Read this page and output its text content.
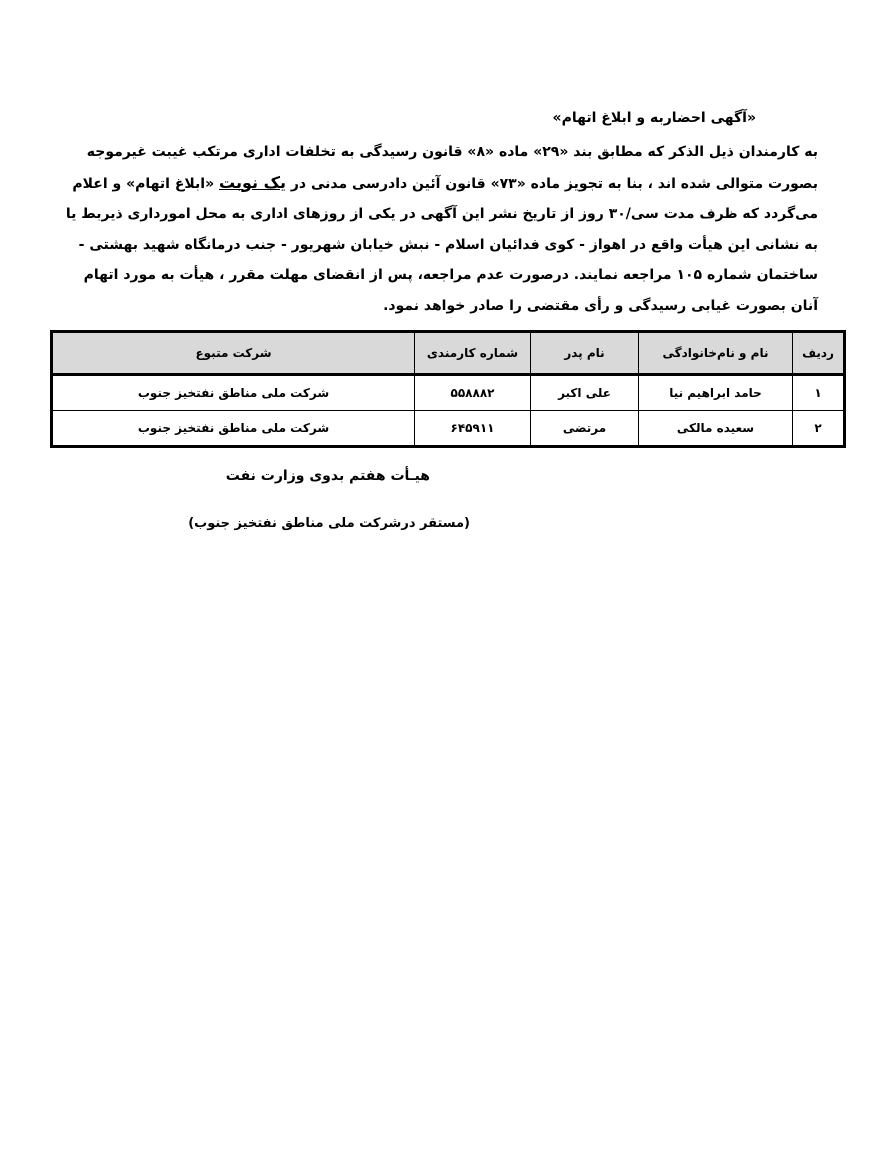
«آگهی احضاربه و ابلاغ اتهام»
به کارمندان ذیل الذکر که مطابق بند «۲۹» ماده «۸» قانون رسیدگی به تخلفات اداری مرتکب غیبت غیرموجه
بصورت متوالی شده اند ، بنا به تجویز ماده «۷۳» قانون آئین دادرسی مدنی در یک نوبت «ابلاغ اتهام» و اعلام
می‌گردد که ظرف مدت سی/۳۰ روز از تاریخ نشر این آگهی در یکی از روزهای اداری به محل امورداری ذیربط یا
به نشانی این هیأت واقع در اهواز - کوی فدائیان اسلام - نبش خیابان شهریور - جنب درمانگاه شهید بهشتی -
ساختمان شماره ۱۰۵ مراجعه نمایند. درصورت عدم مراجعه، پس از انقضای مهلت مقرر ، هیأت به مورد اتهام
آنان بصورت غیابی رسیدگی و رأی مقتضی را صادر خواهد نمود.
ردیف	نام و نام‌خانوادگی	نام پدر	شماره کارمندی	شرکت متبوع
۱	حامد ابراهیم نیا	علی اکبر	۵۵۸۸۸۲	شرکت ملی مناطق نفتخیز جنوب
۲	سعیده مالکی	مرتضی	۶۴۵۹۱۱	شرکت ملی مناطق نفتخیز جنوب
هیـأت هفتم بدوی وزارت نفت
(مستقر درشرکت ملی مناطق نفتخیز جنوب)
